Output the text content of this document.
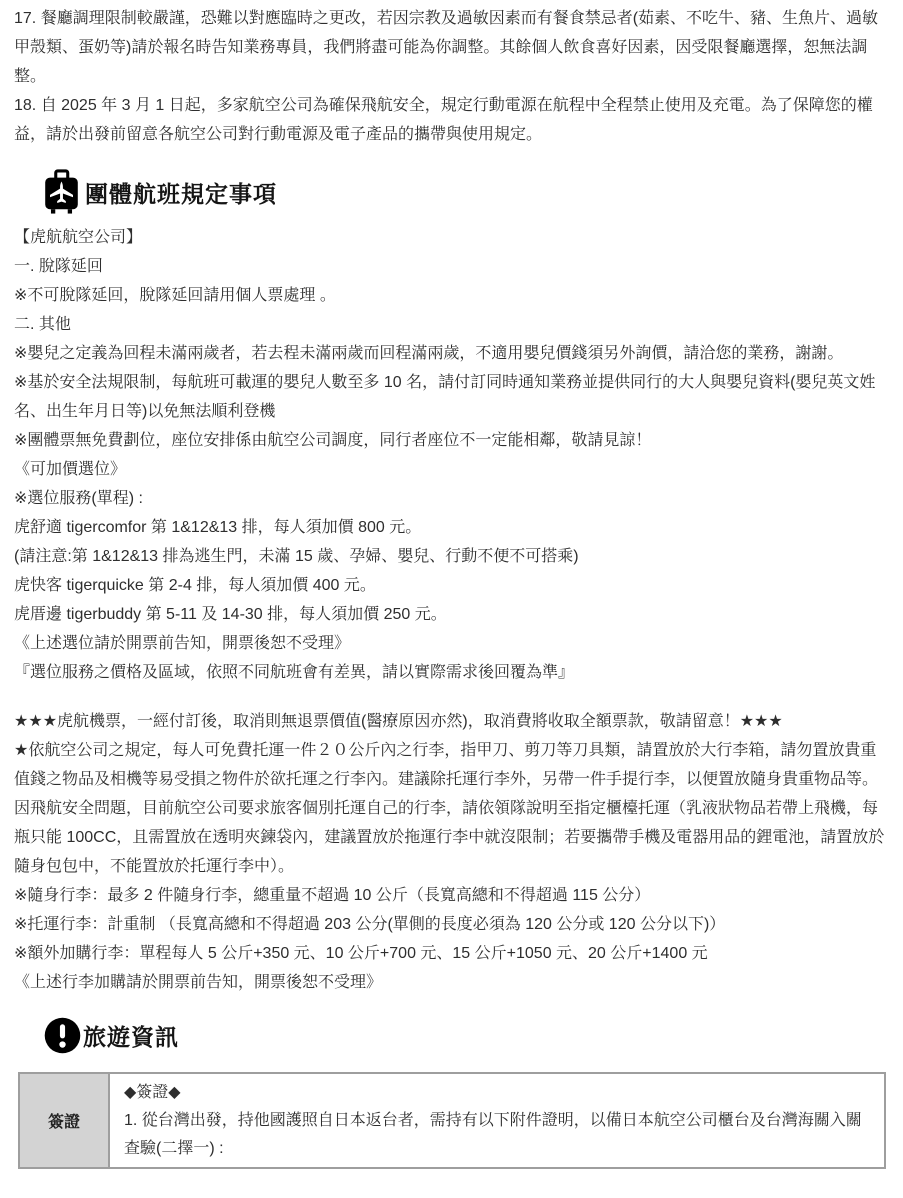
17. 餐廳調理限制較嚴謹，恐難以對應臨時之更改，若因宗教及過敏因素而有餐食禁忌者(茹素、不吃牛、豬、生魚片、過敏甲殼類、蛋奶等)請於報名時告知業務專員，我們將盡可能為你調整。其餘個人飲食喜好因素，因受限餐廳選擇，恕無法調整。

18. 自 2025 年 3 月 1 日起，多家航空公司為確保飛航安全，規定行動電源在航程中全程禁止使用及充電。為了保障您的權益，請於出發前留意各航空公司對行動電源及電子產品的攜帶與使用規定。

團體航班規定事項

【虎航航空公司】

一. 脫隊延回

※不可脫隊延回，脫隊延回請用個人票處理 。

二. 其他

※嬰兒之定義為回程未滿兩歲者，若去程未滿兩歲而回程滿兩歲，不適用嬰兒價錢須另外詢價，請洽您的業務，謝謝。

※基於安全法規限制，每航班可載運的嬰兒人數至多 10 名，請付訂同時通知業務並提供同行的大人與嬰兒資料(嬰兒英文姓名、出生年月日等)以免無法順利登機

※團體票無免費劃位，座位安排係由航空公司調度，同行者座位不一定能相鄰，敬請見諒！

《可加價選位》

※選位服務(單程) :

虎舒適 tigercomfor 第 1&12&13 排，每人須加價 800 元。

(請注意:第 1&12&13 排為逃生門，未滿 15 歲、孕婦、嬰兒、行動不便不可搭乘)

虎快客 tigerquicke 第 2-4 排，每人須加價 400 元。

虎厝邊 tigerbuddy 第 5-11 及 14-30 排，每人須加價 250 元。

《上述選位請於開票前告知，開票後恕不受理》

『選位服務之價格及區域，依照不同航班會有差異，請以實際需求後回覆為準』

★★★虎航機票，一經付訂後，取消則無退票價值(醫療原因亦然)，取消費將收取全額票款，敬請留意！★★★

★依航空公司之規定，每人可免費托運一件２０公斤內之行李，指甲刀、剪刀等刀具類，請置放於大行李箱，請勿置放貴重值錢之物品及相機等易受損之物件於欲托運之行李內。建議除托運行李外，另帶一件手提行李，以便置放隨身貴重物品等。因飛航安全問題，目前航空公司要求旅客個別托運自己的行李，請依領隊說明至指定櫃檯托運（乳液狀物品若帶上飛機，每瓶只能 100CC，且需置放在透明夾鍊袋內，建議置放於拖運行李中就沒限制；若要攜帶手機及電器用品的鋰電池，請置放於隨身包包中，不能置放於托運行李中）。

※隨身行李：最多 2 件隨身行李，總重量不超過 10 公斤（長寬高總和不得超過 115 公分）

※托運行李：計重制 （長寬高總和不得超過 203 公分(單側的長度必須為 120 公分或 120 公分以下)）

※額外加購行李：單程每人 5 公斤+350 元、10 公斤+700 元、15 公斤+1050 元、20 公斤+1400 元

《上述行李加購請於開票前告知，開票後恕不受理》

旅遊資訊
簽證	

◆簽證◆

1. 從台灣出發，持他國護照自日本返台者，需持有以下附件證明，以備日本航空公司櫃台及台灣海關入關查驗(二擇一) :
